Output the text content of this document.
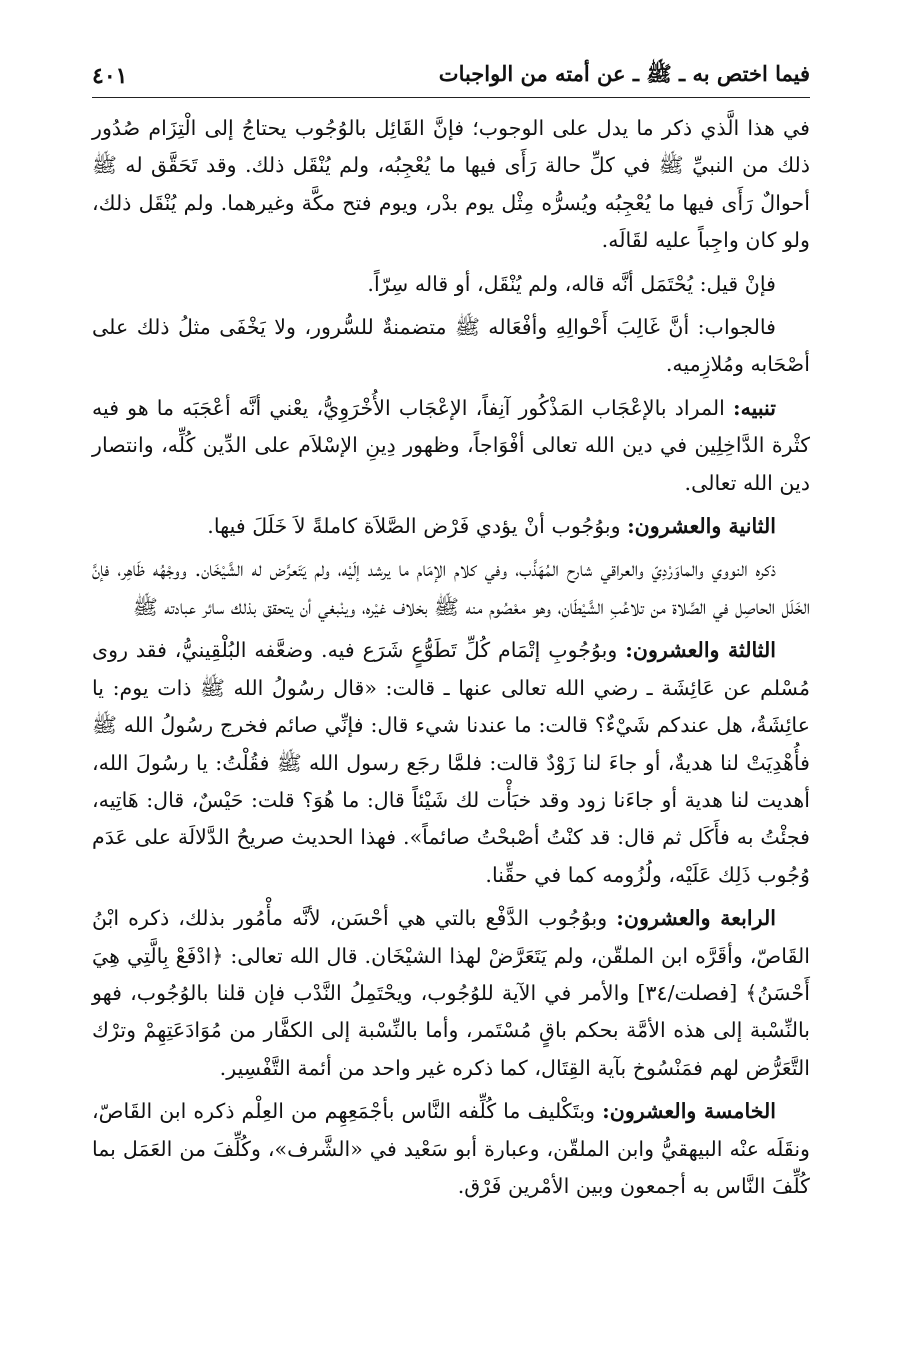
فيما اختص به ـ ﷺ ـ عن أمته من الواجبات
٤٠١

في هذا الَّذي ذكر ما يدل على الوجوب؛ فإنَّ القَائِل بالوُجُوب يحتاجُ إلى الْتِزَام صُدُور ذلك من النبيِّ ﷺ في كلِّ حالة رَأَى فيها ما يُعْجِبُه، ولم يُنْقَل ذلك. وقد تَحَقَّق له ﷺ أحوالٌ رَأَى فيها ما يُعْجِبُه ويُسرُّه مِثْل يوم بدْر، ويوم فتح مكَّة وغيرهما. ولم يُنْقَل ذلك، ولو كان واجِباً عليه لقَالَه.

فإنْ قيل: يُحْتَمَل أنَّه قاله، ولم يُنْقَل، أو قاله سِرّاً.

فالجواب: أنَّ غَالِبَ أَحْوالِهِ وأفْعَاله ﷺ متضمنةٌ للسُّرور، ولا يَخْفَى مثلُ ذلك على أصْحَابه ومُلازِميه.

تنبيه: المراد بالإعْجَاب المَذْكُور آنِفاً، الإعْجَاب الأُخْرَوِيُّ، يعْني أنَّه أعْجَبَه ما هو فيه كثْرة الدَّاخِلِين في دين الله تعالى أفْوَاجاً، وظهور دِينِ الإسْلاَم على الدِّين كُلِّه، وانتصار دين الله تعالى.

الثانية والعشرون: وبوُجُوب أنْ يؤدي فَرْض الصَّلاَة كاملةً لاَ خَلَلَ فيها.

ذكره النووي والماوَرْدِيّ والعراقي شارح المُهَذَّب، وفي كلام الإمَام ما يرشد إلَيْه، ولم يَتَعرَّض له الشَّيْخَان. ووجْهُه ظَاهِر، فإنَّ الخَلَل الحاصِل في الصَّلاة من تلاعُبِ الشَّيْطَان، وهو معْصُوم منه ﷺ بخلاف غيْره، وينْبغي أن يتحقق بذلك سائر عبادته ﷺ

الثالثة والعشرون: وبوُجُوبِ إتْمَام كُلِّ تَطَوُّعٍ شَرَع فيه. وضعَّفه البُلْقِينيُّ، فقد روى مُسْلم عن عَائِشَة ـ رضي الله تعالى عنها ـ قالت: «قال رسُولُ الله ﷺ ذات يوم: يا عائِشَةُ، هل عندكم شَيْءٌ؟ قالت: ما عندنا شيء قال: فإنِّي صائم فخرج رسُولُ الله ﷺ فأُهْدِيَتْ لنا هديةٌ، أو جاءَ لنا زَوْدٌ قالت: فلمَّا رجَع رسول الله ﷺ فقُلْتُ: يا رسُولَ الله، أهديت لنا هدية أو جاءَنا زود وقد خبَأْت لك شَيْئاً قال: ما هُوَ؟ قلت: حَيْسٌ، قال: هَاتِيه، فجئْتُ به فأَكَل ثم قال: قد كنْتُ أصْبحْتُ صائماً». فهذا الحديث صريحُ الدَّلالَة على عَدَم وُجُوب ذَلِك عَلَيْه، ولُزُومه كما في حقِّنا.

الرابعة والعشرون: وبوُجُوب الدَّفْع بالتي هي أحْسَن، لأنَّه مأْمُور بذلك، ذكره ابْنُ القَاصّ، وأقَرَّه ابن الملقّن، ولم يَتَعَرَّضْ لهذا الشيْخَان. قال الله تعالى: ﴿ادْفَعْ بِالَّتِي هِيَ أَحْسَنُ﴾ [فصلت/٣٤] والأمر في الآية للوُجُوب، ويحْتَمِلُ النَّدْب فإن قلنا بالوُجُوب، فهو بالنِّسْبة إلى هذه الأمَّة بحكم باقٍ مُسْتَمر، وأما بالنِّسْبة إلى الكفَّار من مُوَادَعَتِهِمْ وترْك التَّعَرُّض لهم فمَنْسُوخ بآية القِتَال، كما ذكره غير واحد من أئمة التَّفْسِير.

الخامسة والعشرون: وبتَكْليف ما كُلِّفه النَّاس بأجْمَعِهِم من العِلْم ذكره ابن القَاصّ، ونقَلَه عنْه البيهقيُّ وابن الملقّن، وعبارة أبو سَعْيد في «الشَّرف»، وكُلِّفَ من العَمَل بما كُلِّفَ النَّاس به أجمعون وبين الأمْرين فَرْق.
